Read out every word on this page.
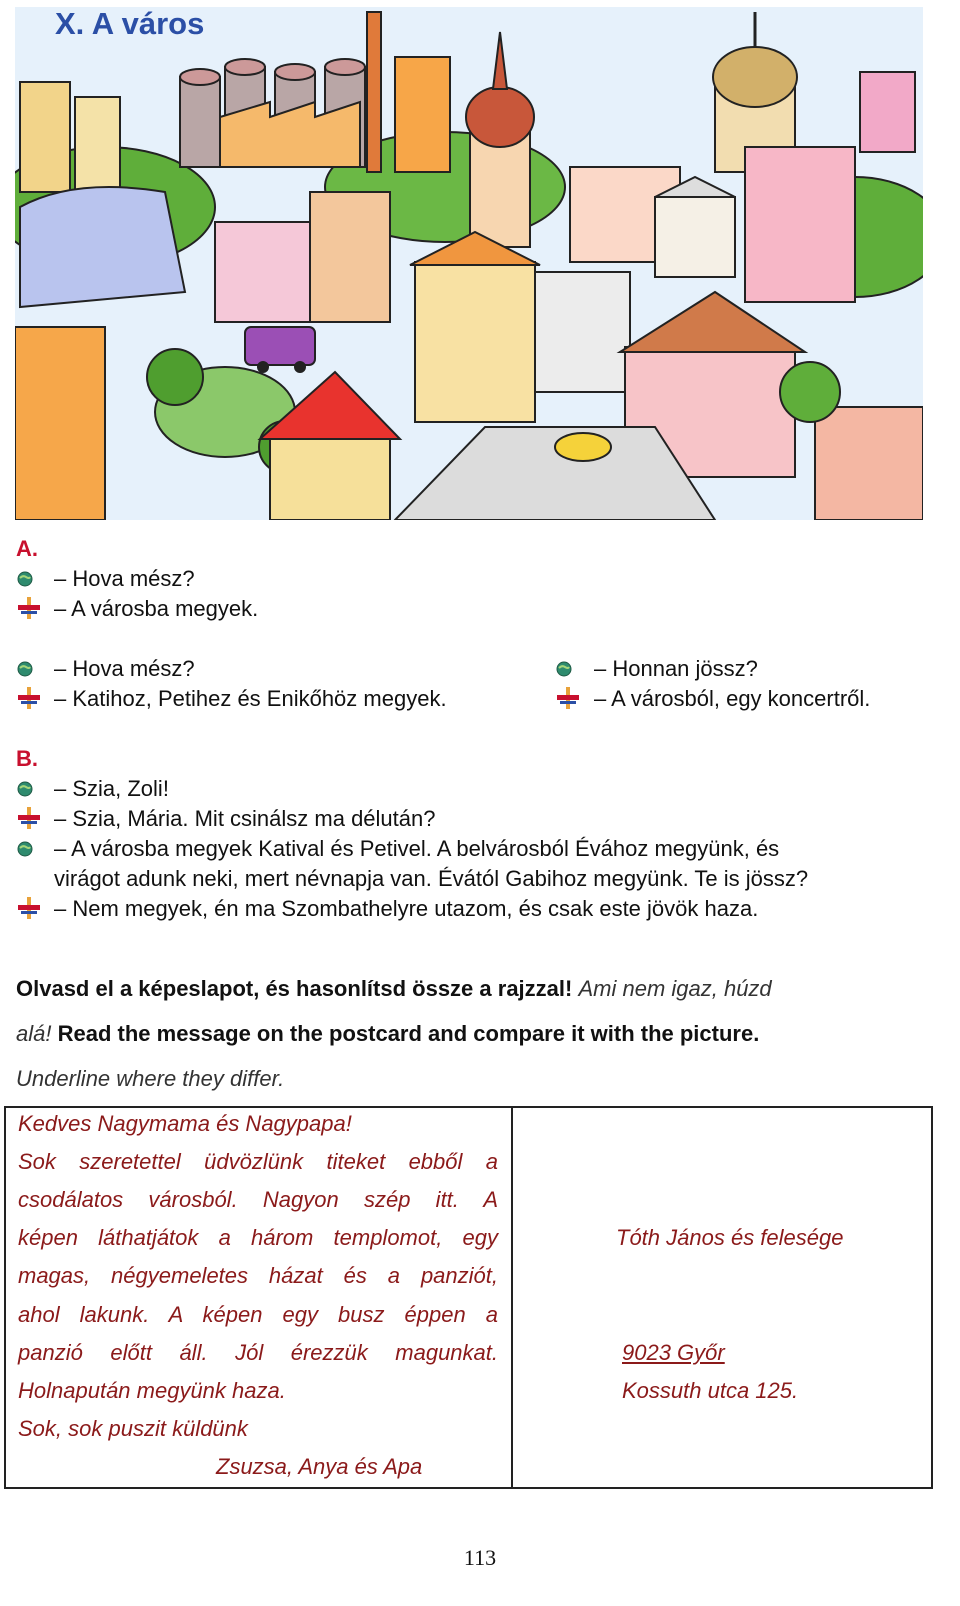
X. A város
A.
– Hova mész?
– A városba megyek.
– Hova mész?
– Katihoz, Petihez és Enikőhöz megyek.
– Honnan jössz?
– A városból, egy koncertről.
B.
– Szia, Zoli!
– Szia, Mária. Mit csinálsz ma délután?
– A városba megyek Katival és Petivel. A belvárosból Évához megyünk, és
virágot adunk neki, mert névnapja van. Évától Gabihoz megyünk. Te is jössz?
– Nem megyek, én ma Szombathelyre utazom, és csak este jövök haza.
Olvasd el a képeslapot, és hasonlítsd össze a rajzzal! Ami nem igaz, húzd
alá! Read the message on the postcard and compare it with the picture.
Underline where they differ.
Kedves Nagymama és Nagypapa!
Sok szeretettel üdvözlünk titeket ebből a
csodálatos városból. Nagyon szép itt. A
képen láthatjátok a három templomot, egy
magas, négyemeletes házat és a panziót,
ahol lakunk. A képen egy busz éppen a
panzió előtt áll. Jól érezzük magunkat.
Holnapután megyünk haza.
Sok, sok puszit küldünk
Zsuzsa, Anya és Apa
Tóth János és felesége
9023 Győr
Kossuth utca 125.
113
